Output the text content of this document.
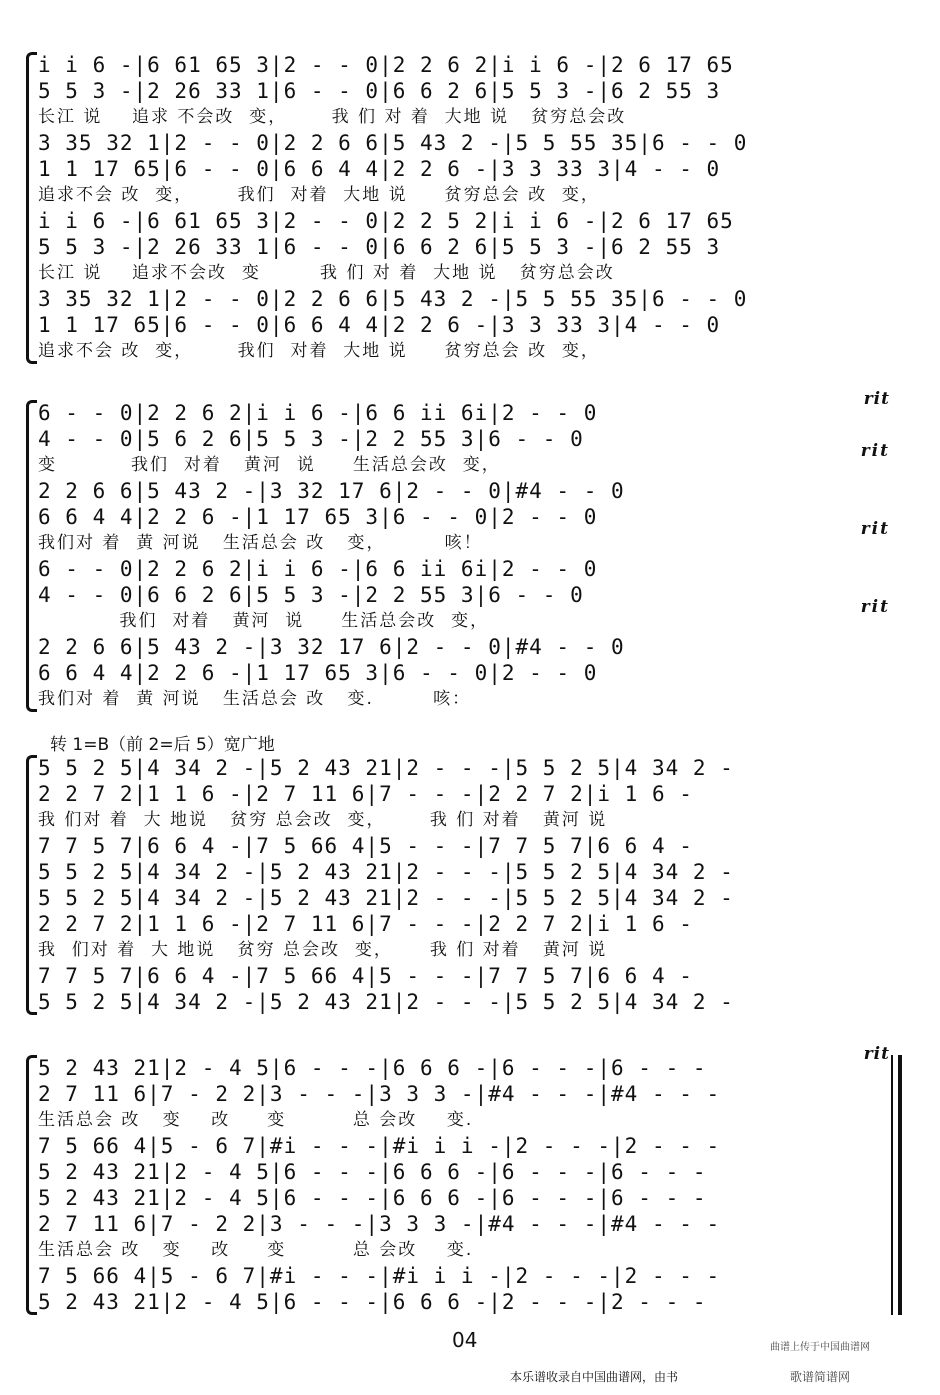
i i 6 -|6 61 65 3|2 - - 0|2 2 6 2|i i 6 -|2 6 17 65
5 5 3 -|2 26 33 1|6 - - 0|6 6 2 6|5 5 3 -|6 2 55 3
长江 说    追求 不会改  变，      我 们 对 着  大地 说   贫穷总会改
3 35 32 1|2 - - 0|2 2 6 6|5 43 2 -|5 5 55 35|6 - - 0
1 1 17 65|6 - - 0|6 6 4 4|2 2 6 -|3 3 33 3|4 - - 0
追求不会 改  变，      我们  对着  大地 说     贫穷总会 改  变，
i i 6 -|6 61 65 3|2 - - 0|2 2 5 2|i i 6 -|2 6 17 65
5 5 3 -|2 26 33 1|6 - - 0|6 6 2 6|5 5 3 -|6 2 55 3
长江 说    追求不会改  变        我 们 对 着  大地 说   贫穷总会改
3 35 32 1|2 - - 0|2 2 6 6|5 43 2 -|5 5 55 35|6 - - 0
1 1 17 65|6 - - 0|6 6 4 4|2 2 6 -|3 3 33 3|4 - - 0
追求不会 改  变，      我们  对着  大地 说     贫穷总会 改  变，
6 - - 0|2 2 6 2|i i 6 -|6 6 ii 6i|2 - - 0
rit
4 - - 0|5 6 2 6|5 5 3 -|2 2 55 3|6 - - 0
变          我们  对着   黄河  说     生活总会改  变，
rit
2 2 6 6|5 43 2 -|3 32 17 6|2 - - 0|#4 - - 0
6 6 4 4|2 2 6 -|1 17 65 3|6 - - 0|2 - - 0
我们对 着  黄 河说   生活总会 改   变，        咳！
rit
6 - - 0|2 2 6 2|i i 6 -|6 6 ii 6i|2 - - 0
4 - - 0|6 6 2 6|5 5 3 -|2 2 55 3|6 - - 0
我们  对着   黄河  说     生活总会改  变，
rit
2 2 6 6|5 43 2 -|3 32 17 6|2 - - 0|#4 - - 0
6 6 4 4|2 2 6 -|1 17 65 3|6 - - 0|2 - - 0
我们对 着  黄 河说   生活总会 改   变.        咳：
转 1=B（前 2=后 5）宽广地
5 5 2 5|4 34 2 -|5 2 43 21|2 - - -|5 5 2 5|4 34 2 -
2 2 7 2|1 1 6 -|2 7 11 6|7 - - -|2 2 7 2|i 1 6 -
我 们对 着  大 地说   贫穷 总会改  变，      我 们 对着   黄河 说
7 7 5 7|6 6 4 -|7 5 66 4|5 - - -|7 7 5 7|6 6 4 -
5 5 2 5|4 34 2 -|5 2 43 21|2 - - -|5 5 2 5|4 34 2 -
5 5 2 5|4 34 2 -|5 2 43 21|2 - - -|5 5 2 5|4 34 2 -
2 2 7 2|1 1 6 -|2 7 11 6|7 - - -|2 2 7 2|i 1 6 -
我  们对 着  大 地说   贫穷 总会改  变，     我 们 对着   黄河 说
7 7 5 7|6 6 4 -|7 5 66 4|5 - - -|7 7 5 7|6 6 4 -
5 5 2 5|4 34 2 -|5 2 43 21|2 - - -|5 5 2 5|4 34 2 -
5 2 43 21|2 - 4 5|6 - - -|6 6 6 -|6 - - -|6 - - -
rit
2 7 11 6|7 - 2 2|3 - - -|3 3 3 -|#4 - - -|#4 - - -
生活总会 改   变    改     变         总 会改    变.
7 5 66 4|5 - 6 7|#i - - -|#i i i -|2 - - -|2 - - -
5 2 43 21|2 - 4 5|6 - - -|6 6 6 -|6 - - -|6 - - -
5 2 43 21|2 - 4 5|6 - - -|6 6 6 -|6 - - -|6 - - -
2 7 11 6|7 - 2 2|3 - - -|3 3 3 -|#4 - - -|#4 - - -
生活总会 改   变    改     变         总 会改    变.
7 5 66 4|5 - 6 7|#i - - -|#i i i -|2 - - -|2 - - -
5 2 43 21|2 - 4 5|6 - - -|6 6 6 -|2 - - -|2 - - -
04	曲谱上传于中国曲谱网
本乐谱收录自中国曲谱网，由书	歌谱简谱网
